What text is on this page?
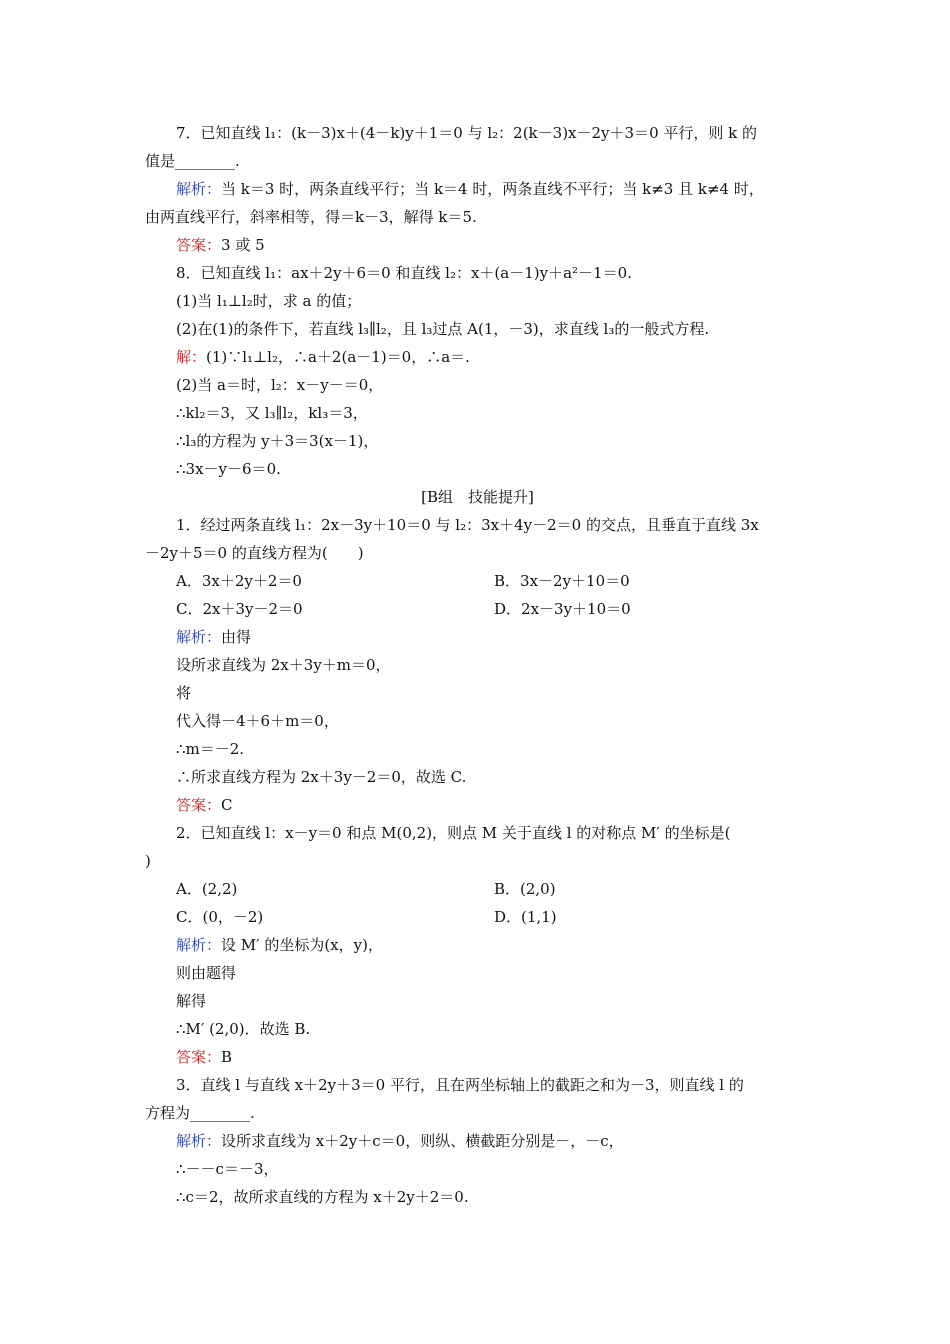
7．已知直线 l₁：(k－3)x＋(4－k)y＋1＝0 与 l₂：2(k－3)x－2y＋3＝0 平行，则 k 的
值是________.
解析：当 k＝3 时，两条直线平行；当 k＝4 时，两条直线不平行；当 k≠3 且 k≠4 时，
由两直线平行，斜率相等，得＝k－3，解得 k＝5.
答案：3 或 5
8．已知直线 l₁：ax＋2y＋6＝0 和直线 l₂：x＋(a－1)y＋a²－1＝0.
(1)当 l₁⊥l₂时，求 a 的值；
(2)在(1)的条件下，若直线 l₃∥l₂，且 l₃过点 A(1，－3)，求直线 l₃的一般式方程.
解：(1)∵l₁⊥l₂，∴a＋2(a－1)＝0，∴a＝.
(2)当 a＝时，l₂：x－y－＝0，
∴kl₂＝3，又 l₃∥l₂，kl₃＝3，
∴l₃的方程为 y＋3＝3(x－1)，
∴3x－y－6＝0.
[B组　技能提升]
1．经过两条直线 l₁：2x－3y＋10＝0 与 l₂：3x＋4y－2＝0 的交点，且垂直于直线 3x
－2y＋5＝0 的直线方程为(　　)
A．3x＋2y＋2＝0	B．3x－2y＋10＝0
C．2x＋3y－2＝0	D．2x－3y＋10＝0
解析：由得
设所求直线为 2x＋3y＋m＝0，
将
代入得－4＋6＋m＝0，
∴m＝－2.
∴所求直线方程为 2x＋3y－2＝0，故选 C.
答案：C
2．已知直线 l：x－y＝0 和点 M(0,2)，则点 M 关于直线 l 的对称点 M′ 的坐标是(
)
A．(2,2)	B．(2,0)
C．(0，－2)	D．(1,1)
解析：设 M′ 的坐标为(x，y)，
则由题得
解得
∴M′ (2,0)．故选 B.
答案：B
3．直线 l 与直线 x＋2y＋3＝0 平行，且在两坐标轴上的截距之和为－3，则直线 l 的
方程为________.
解析：设所求直线为 x＋2y＋c＝0，则纵、横截距分别是－，－c，
∴－－c＝－3，
∴c＝2，故所求直线的方程为 x＋2y＋2＝0.
